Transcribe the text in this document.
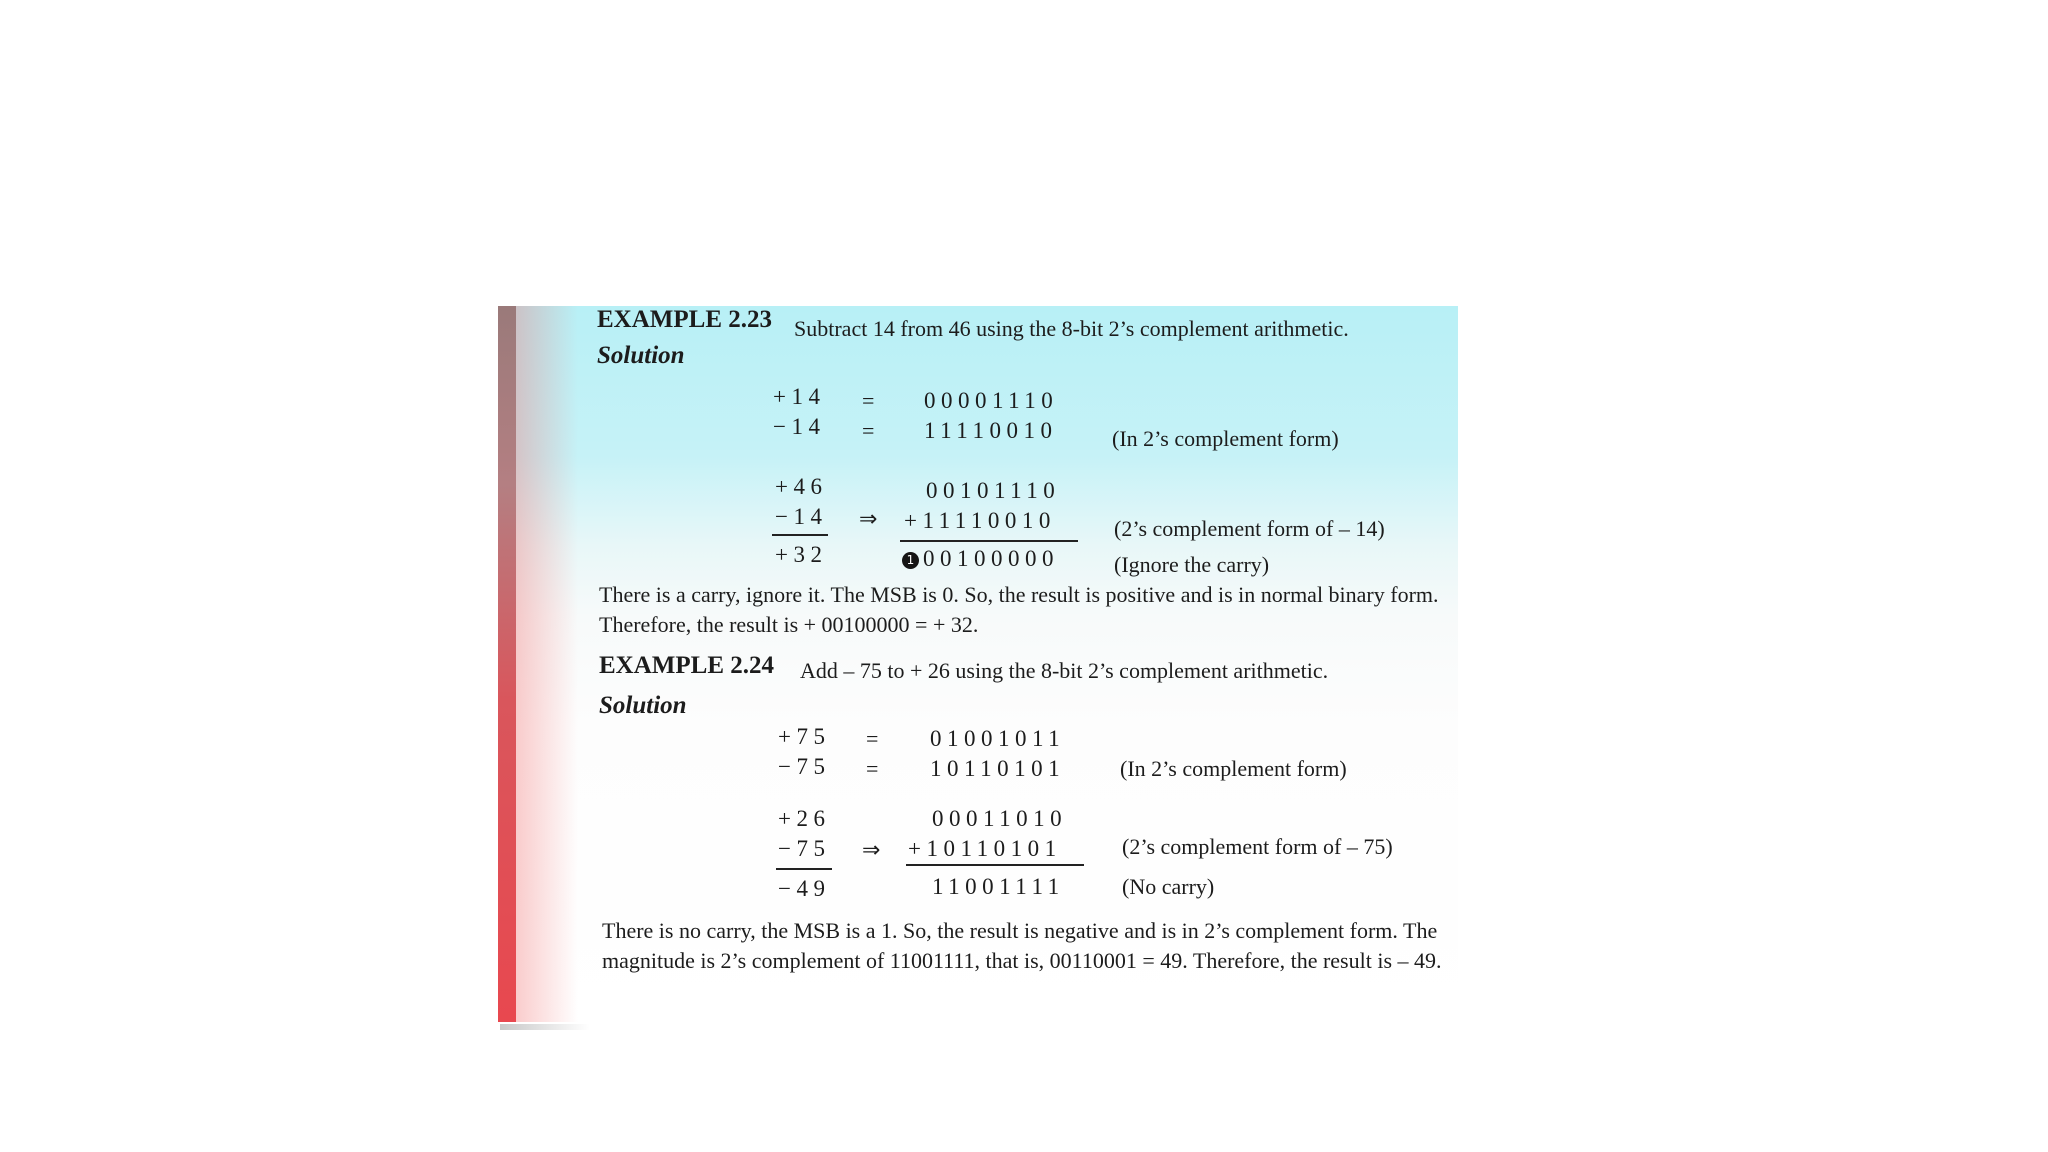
EXAMPLE 2.23 Subtract 14 from 46 using the 8-bit 2’s complement arithmetic.
Solution
+14 = 00001110
−14 = 11110010 (In 2’s complement form)
+46	00101110
−14 ⇒ +11110010	(2’s complement form of – 14)
+32	1 00100000	(Ignore the carry)
There is a carry, ignore it. The MSB is 0. So, the result is positive and is in normal binary form. Therefore, the result is + 00100000 = + 32.
EXAMPLE 2.24 Add – 75 to + 26 using the 8-bit 2’s complement arithmetic.
Solution
+75 = 01001011
−75 = 10110101 (In 2’s complement form)
+26	00011010
−75 ⇒ +10110101	(2’s complement form of – 75)
−49	11001111	(No carry)
There is no carry, the MSB is a 1. So, the result is negative and is in 2’s complement form. The magnitude is 2’s complement of 11001111, that is, 00110001 = 49. Therefore, the result is – 49.
